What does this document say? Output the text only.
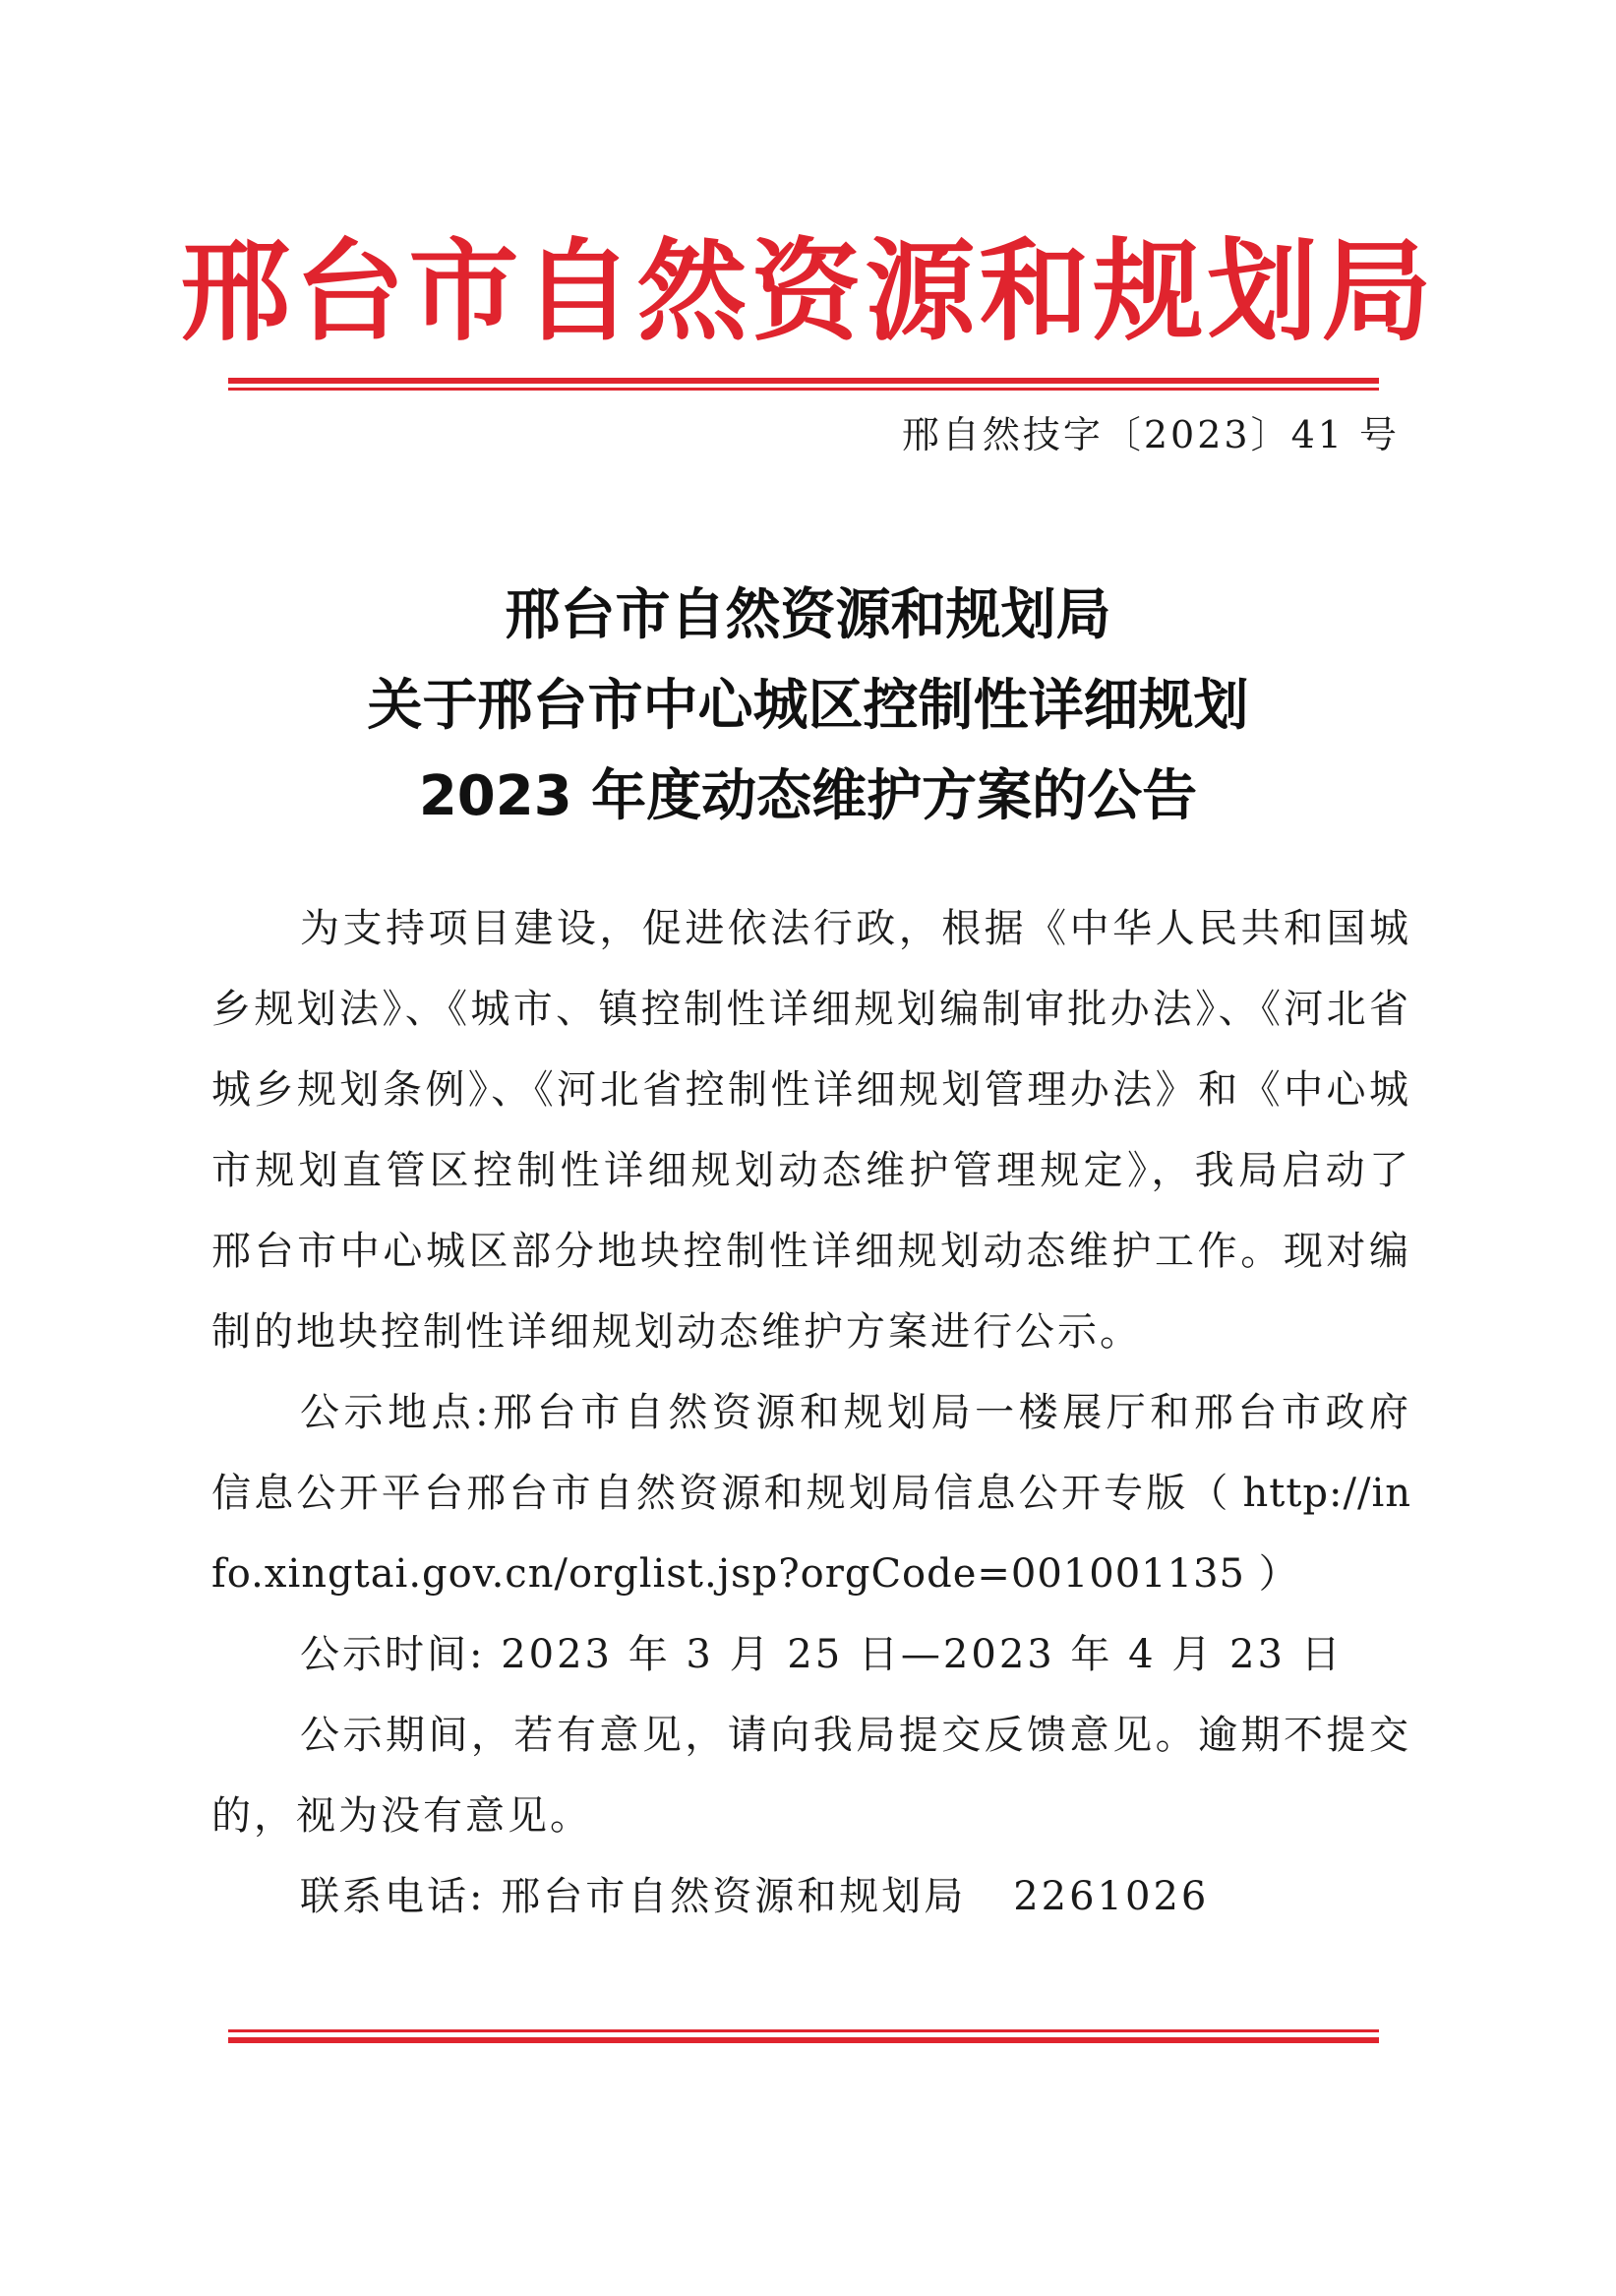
邢台市自然资源和规划局
邢自然技字〔2023〕41 号
邢台市自然资源和规划局
关于邢台市中心城区控制性详细规划
2023 年度动态维护方案的公告

为支持项目建设，促进依法行政，根据《中华人民共和国城乡规划法》、《城市、镇控制性详细规划编制审批办法》、《河北省城乡规划条例》、《河北省控制性详细规划管理办法》和《中心城市规划直管区控制性详细规划动态维护管理规定》，我局启动了邢台市中心城区部分地块控制性详细规划动态维护工作。现对编制的地块控制性详细规划动态维护方案进行公示。

公示地点:邢台市自然资源和规划局一楼展厅和邢台市政府信息公开平台邢台市自然资源和规划局信息公开专版（ http://info.xingtai.gov.cn/orglist.jsp?orgCode=001001135 ）

公示时间: 2023 年 3 月 25 日—2023 年 4 月 23 日

公示期间，若有意见，请向我局提交反馈意见。逾期不提交的，视为没有意见。

联系电话: 邢台市自然资源和规划局 2261026
